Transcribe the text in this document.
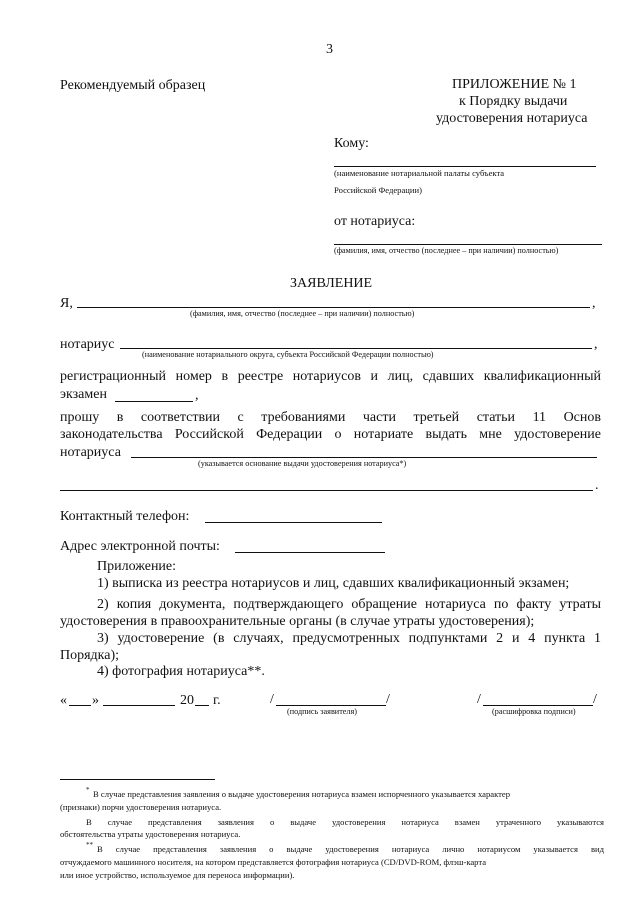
3
Рекомендуемый образец	ПРИЛОЖЕНИЕ № 1
к Порядку выдачи
удостоверения нотариуса
Кому:
(наименование нотариальной палаты субъекта
Российской Федерации)
от нотариуса:
(фамилия, имя, отчество (последнее – при наличии) полностью)
ЗАЯВЛЕНИЕ
Я,	,
(фамилия, имя, отчество (последнее – при наличии) полностью)
нотариус	,
(наименование нотариального округа, субъекта Российской Федерации полностью)
регистрационный номер в реестре нотариусов и лиц, сдавших квалификационный
экзамен	,
прошу в соответствии с требованиями части третьей статьи 11 Основ
законодательства Российской Федерации о нотариате выдать мне удостоверение
нотариуса
(указывается основание выдачи удостоверения нотариуса*)
.
Контактный телефон:
Адрес электронной почты:
Приложение:
1) выписка из реестра нотариусов и лиц, сдавших квалификационный экзамен;
2) копия документа, подтверждающего обращение нотариуса по факту утраты
удостоверения в правоохранительные органы (в случае утраты удостоверения);
3) удостоверение (в случаях, предусмотренных подпунктами 2 и 4 пункта 1
Порядка);
4) фотография нотариуса**.
« »	20 г.	/	/
(подпись заявителя)
/	/
(расшифровка подписи)
* В случае представления заявления о выдаче удостоверения нотариуса взамен испорченного указывается характер
(признаки) порчи удостоверения нотариуса.
В случае представления заявления о выдаче удостоверения нотариуса взамен утраченного указываются
обстоятельства утраты удостоверения нотариуса.
** В случае представления заявления о выдаче удостоверения нотариуса лично нотариусом указывается вид
отчуждаемого машинного носителя, на котором представляется фотография нотариуса (CD/DVD-ROM, флэш-карта
или иное устройство, используемое для переноса информации).
